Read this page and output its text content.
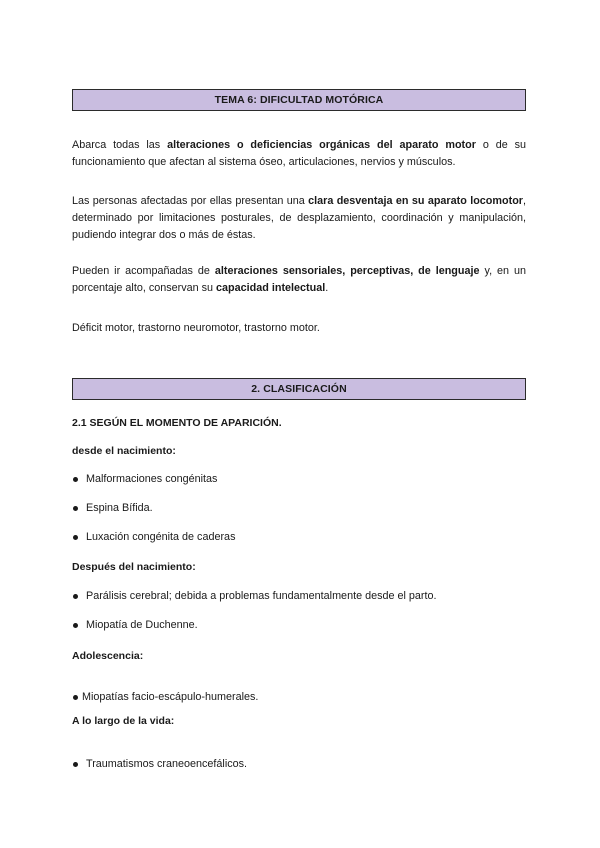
TEMA 6: DIFICULTAD MOTÓRICA
Abarca todas las alteraciones o deficiencias orgánicas del aparato motor o de su funcionamiento que afectan al sistema óseo, articulaciones, nervios y músculos.
Las personas afectadas por ellas presentan una clara desventaja en su aparato locomotor, determinado por limitaciones posturales, de desplazamiento, coordinación y manipulación, pudiendo integrar dos o más de éstas.
Pueden ir acompañadas de alteraciones sensoriales, perceptivas, de lenguaje y, en un porcentaje alto, conservan su capacidad intelectual.
Déficit motor, trastorno neuromotor, trastorno motor.
2. CLASIFICACIÓN
2.1 SEGÚN EL MOMENTO DE APARICIÓN.
desde el nacimiento:
Malformaciones congénitas
Espina Bífida.
Luxación congénita de caderas
Después del nacimiento:
Parálisis cerebral; debida a problemas fundamentalmente desde el parto.
Miopatía de Duchenne.
Adolescencia:
Miopatías facio-escápulo-humerales.
A lo largo de la vida:
Traumatismos craneoencefálicos.
